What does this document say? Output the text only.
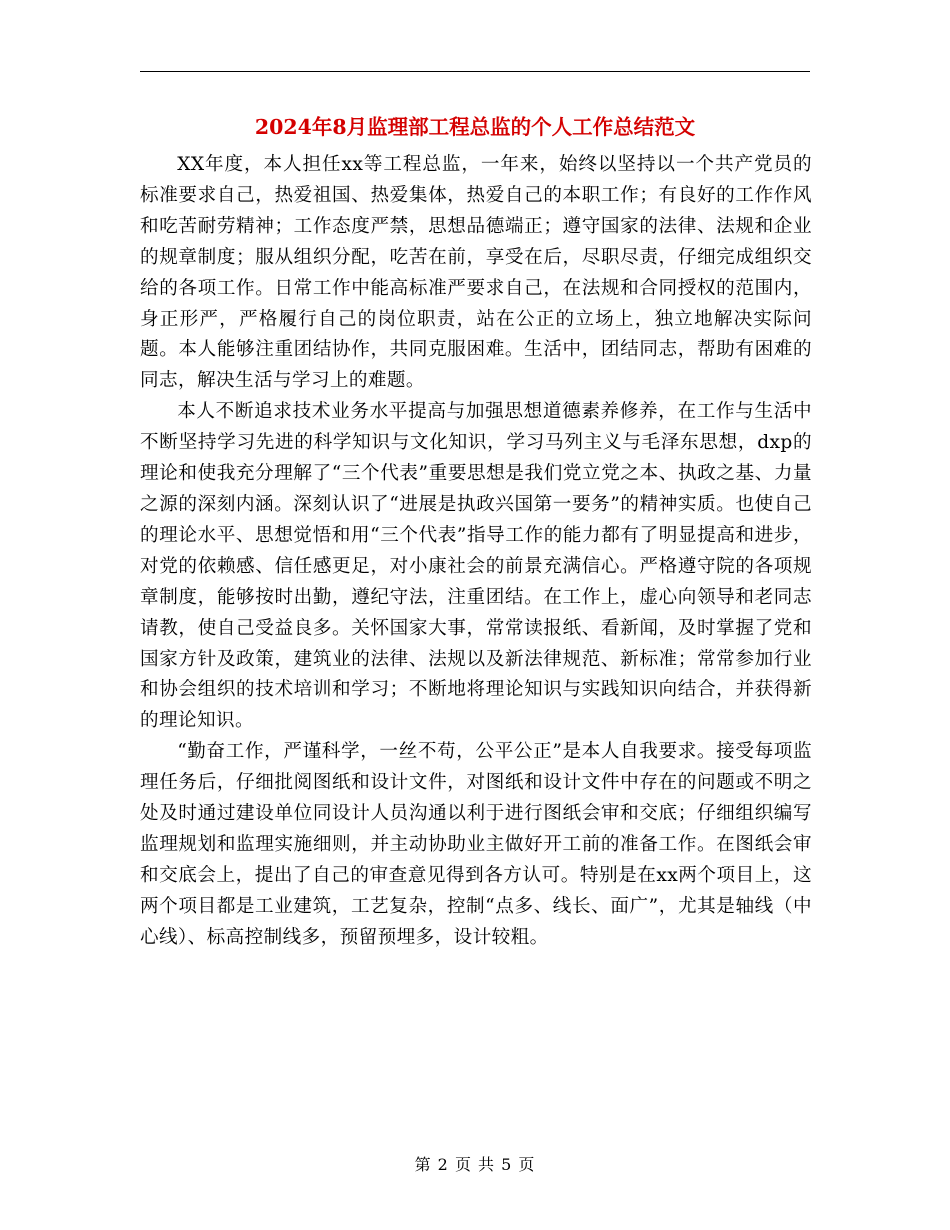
2024年8月监理部工程总监的个人工作总结范文

XX年度，本人担任xx等工程总监，一年来，始终以坚持以一个共产党员的标准要求自己，热爱祖国、热爱集体，热爱自己的本职工作；有良好的工作作风和吃苦耐劳精神；工作态度严禁，思想品德端正；遵守国家的法律、法规和企业的规章制度；服从组织分配，吃苦在前，享受在后，尽职尽责，仔细完成组织交给的各项工作。日常工作中能高标准严要求自己，在法规和合同授权的范围内，身正形严，严格履行自己的岗位职责，站在公正的立场上，独立地解决实际问题。本人能够注重团结协作，共同克服困难。生活中，团结同志，帮助有困难的同志，解决生活与学习上的难题。

本人不断追求技术业务水平提高与加强思想道德素养修养，在工作与生活中不断坚持学习先进的科学知识与文化知识，学习马列主义与毛泽东思想，dxp的理论和使我充分理解了“三个代表”重要思想是我们党立党之本、执政之基、力量之源的深刻内涵。深刻认识了“进展是执政兴国第一要务”的精神实质。也使自己的理论水平、思想觉悟和用“三个代表”指导工作的能力都有了明显提高和进步，对党的依赖感、信任感更足，对小康社会的前景充满信心。严格遵守院的各项规章制度，能够按时出勤，遵纪守法，注重团结。在工作上，虚心向领导和老同志请教，使自己受益良多。关怀国家大事，常常读报纸、看新闻，及时掌握了党和国家方针及政策，建筑业的法律、法规以及新法律规范、新标准；常常参加行业和协会组织的技术培训和学习；不断地将理论知识与实践知识向结合，并获得新的理论知识。

“勤奋工作，严谨科学，一丝不苟，公平公正”是本人自我要求。接受每项监理任务后，仔细批阅图纸和设计文件，对图纸和设计文件中存在的问题或不明之处及时通过建设单位同设计人员沟通以利于进行图纸会审和交底；仔细组织编写监理规划和监理实施细则，并主动协助业主做好开工前的准备工作。在图纸会审和交底会上，提出了自己的审查意见得到各方认可。特别是在xx两个项目上，这两个项目都是工业建筑，工艺复杂，控制“点多、线长、面广”，尤其是轴线（中心线）、标高控制线多，预留预埋多，设计较粗。

第 2 页 共 5 页
